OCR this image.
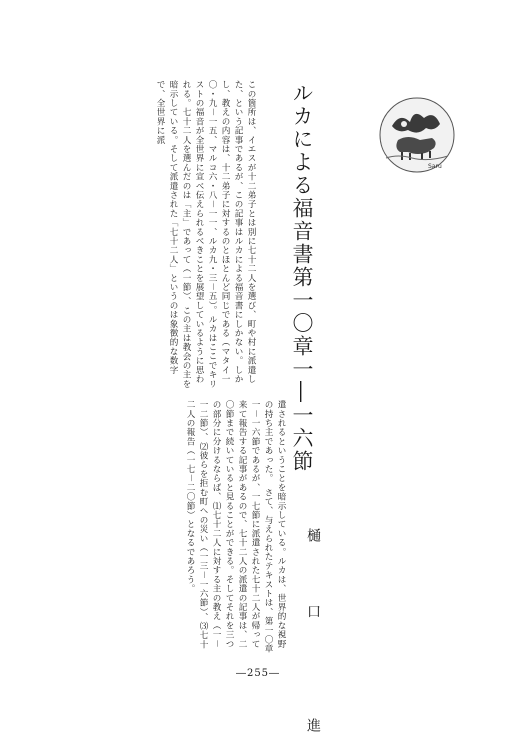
ルカによる福音書第一〇章一―一六節	Saru
この箇所は、イエスが十二弟子とは別に七十二人を選び、町や村に派遣した、という記事であるが、この記事はルカによる福音書にしかない。しかし、教えの内容は、十二弟子に対するのとほとんど同じである（マタイ一〇・九－一五、マルコ六・八－一一、ルカ九・三－五）。ルカはここでキリストの福音が全世界に宣べ伝えられるべきことを展望しているように思われる。七十二人を選んだのは「主」であって（一節）、この主は教会の主を暗示している。そして派遣された「七十二人」というのは象徴的な数字で、全世界に派
樋　口　　進
遣されるということを暗示している。ルカは、世界的な視野の持ち主であった。　さて、与えられたテキストは、第一〇章一－一六節であるが、一七節に派遣された七十二人が帰って来て報告する記事があるので、七十二人の派遣の記事は、二〇節まで続いていると見ることができる。そしてそれを三つの部分に分けるならば、⑴七十二人に対する主の教え（一－一二節）、⑵彼らを拒む町への災い（一三－一六節）、⑶七十二人の報告（一七－二〇節）となるであろう。
―255―
